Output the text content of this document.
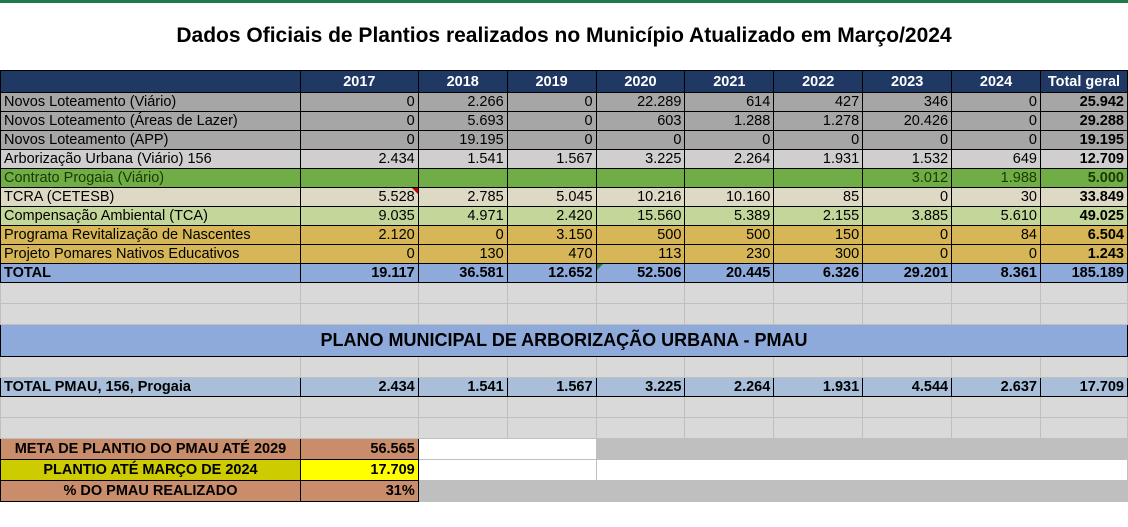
Dados Oficiais de Plantios realizados no Município Atualizado em Março/2024
	2017	2018	2019	2020	2021	2022	2023	2024	Total geral
Novos Loteamento (Viário)	0	2.266	0	22.289	614	427	346	0	25.942
Novos Loteamento (Áreas de Lazer)	0	5.693	0	603	1.288	1.278	20.426	0	29.288
Novos Loteamento (APP)	0	19.195	0	0	0	0	0	0	19.195
Arborização Urbana (Viário) 156	2.434	1.541	1.567	3.225	2.264	1.931	1.532	649	12.709
Contrato Progaia (Viário)							3.012	1.988	5.000
TCRA (CETESB)	5.528	2.785	5.045	10.216	10.160	85	0	30	33.849
Compensação Ambiental (TCA)	9.035	4.971	2.420	15.560	5.389	2.155	3.885	5.610	49.025
Programa Revitalização de Nascentes	2.120	0	3.150	500	500	150	0	84	6.504
Projeto Pomares Nativos Educativos	0	130	470	113	230	300	0	0	1.243
TOTAL	19.117	36.581	12.652	52.506	20.445	6.326	29.201	8.361	185.189

PLANO MUNICIPAL DE ARBORIZAÇÃO URBANA - PMAU									

TOTAL PMAU, 156, Progaia	2.434	1.541	1.567	3.225	2.264	1.931	4.544	2.637	17.709

META DE PLANTIO DO PMAU ATÉ 2029	56.565								
PLANTIO ATÉ MARÇO DE 2024	17.709								
% DO PMAU REALIZADO	31%								
